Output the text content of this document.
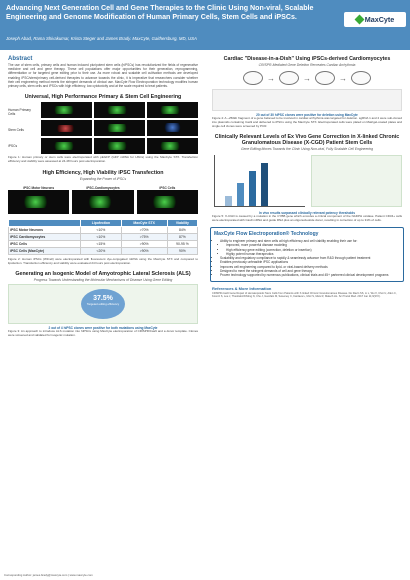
Advancing Next Generation Cell and Gene Therapies to the Clinic Using Non-viral, Scalable Engineering and Genome Modification of Human Primary Cells, Stem Cells and iPSCs.
Joseph Abad, Rama Shivakumar, Krista Steger and James Brady. MaxCyte, Gaithersburg, MD, USA
MaxCyte
Abstract
The use of stem cells, primary cells and human induced pluripotent stem cells (hiPSCs) has revolutionized the fields of regenerative medicine and cell and gene therapy. These cell populations offer major opportunities for their generation, reprogramming, differentiation or for targeted gene editing prior to their use. As more robust and scalable cell cultivation methods are developed enabling iPSC/stem/primary cell-derived therapies to advance towards the clinic, it is imperative that researchers consider whether their cell engineering method meets the stringent demands of clinical use. MaxCyte Flow Electroporation technology modifies human primary cells, stem cells and iPSCs with high efficiency, low cytotoxicity and at the scale required to treat patients.
Universal, High Performance Primary & Stem Cell Engineering
Human Primary Cells
Stem Cells
iPSCs
Figure 1: Human primary or stem cells were electroporated with pEGFP (GFP mRNA for HSCs) using the MaxCyte STX. Transfection efficiency and viability were assessed at 24-48 hours post electroporation.
High Efficiency, High Viability iPSC Transfection
Expanding the Power of iPSCs
iPSC Motor Neurons	iPSC-Cardiomyocytes	iPSC Cells
	Lipofection	MaxCyte STX	Viability
iPSC Motor Neurons	<10%	>70%	84%
iPSC Cardiomyocytes	<10%	>75%	87%
iPSC Cells	<15%	>90%	90-95 %
iPSC Cells (MaxCyte)	<20%	>90%	90%
Figure 2: Human iPSCs (WiCell) were electroporated with fluorescent dye-conjugated mRNA using the MaxCyte STX and compared to lipofection. Transfection efficiency and viability were evaluated 24 hours post electroporation.
Generating an Isogenic Model of Amyotrophic Lateral Sclerosis (ALS)
Progress Towards Understanding the Molecular Mechanisms of Disease Using Gene Editing
37.5%
Targeted editing efficiency
2 out of 4 hiPSC clones were positive for both mutations using MaxCyte
Figure 3: An approach to introduce ALS mutation into hiPSCs using MaxCyte electroporation of CRISPR/Cas9 and a donor template. Clones were screened and validated for isogenic mutation.
Cardiac "Disease-in-a-Dish" Using iPSCs-derived Cardiomyocytes
CRISPR-Mediated Gene Deletion Recreates Cardiac Arrhythmia
→	→	→
20 out of 30 hiPSC clones were positive for deletion using MaxCyte
Figure 4: A ~250kb fragment of a gene believed to be involved in cardiac arrhythmia was targeted for deletion. sgRNA 1 and 2 were sub-cloned into plasmids containing Cas9 and delivered to iPSCs using the MaxCyte STX. Electroporated cells were plated on Matrigel-coated plates and single cell clones were screened by PCR.
Clinically Relevant Levels of Ex Vivo Gene Correction in X-linked Chronic Granulomatous Disease (X-CGD) Patient Stem Cells
Gene Editing Moves Towards the Clinic Using Non-viral, Fully Scalable Cell Engineering
In vivo results surpassed clinically relevant potency thresholds
Figure 5: X-CGD is caused by a mutation in the CYBB gene which encodes a critical component of the NADPH oxidase. Patient CD34+ cells were electroporated with Cas9 mRNA and guide RNA plus an oligonucleotide donor, resulting in correction of up to 31% of cells.
MaxCyte Flow Electroporation® Technology
• Ability to engineer primary and stem cells at high efficiency and cell viability enabling their use for:
• Improved, more powerful disease modeling
• High efficiency gene editing (correction, deletion or insertion)
• Highly potent human therapeutics
• Scalability and regulatory compliance to rapidly & seamlessly advance from R&D through patient treatment
• Enables previously unfeasible iPSC applications
• Improves cell engineering compared to lipid- or viral-based delivery methods
• Designed to meet the stringent demands of cell and gene therapy
• Proven technology supported by numerous publications, clinical trials and 45+ partnered clinical development programs
References & More Information
CRISPR-Cas9 Gene Repair of Hematopoietic Stem Cells from Patients with X-linked Chronic Granulomatous Disease. De Ravin SS, Li L, Wu X, Choi U, Allen C, Koontz S, Lee J, Theobald-Whiting N, Chu J, Garofalo M, Sweeney C, Kardava L, Moir S, Meis R, Malech HL. Sci Transl Med. 2017 Jan 11;9(372).
Corresponding Author: james.brady@maxcyte.com | www.maxcyte.com
